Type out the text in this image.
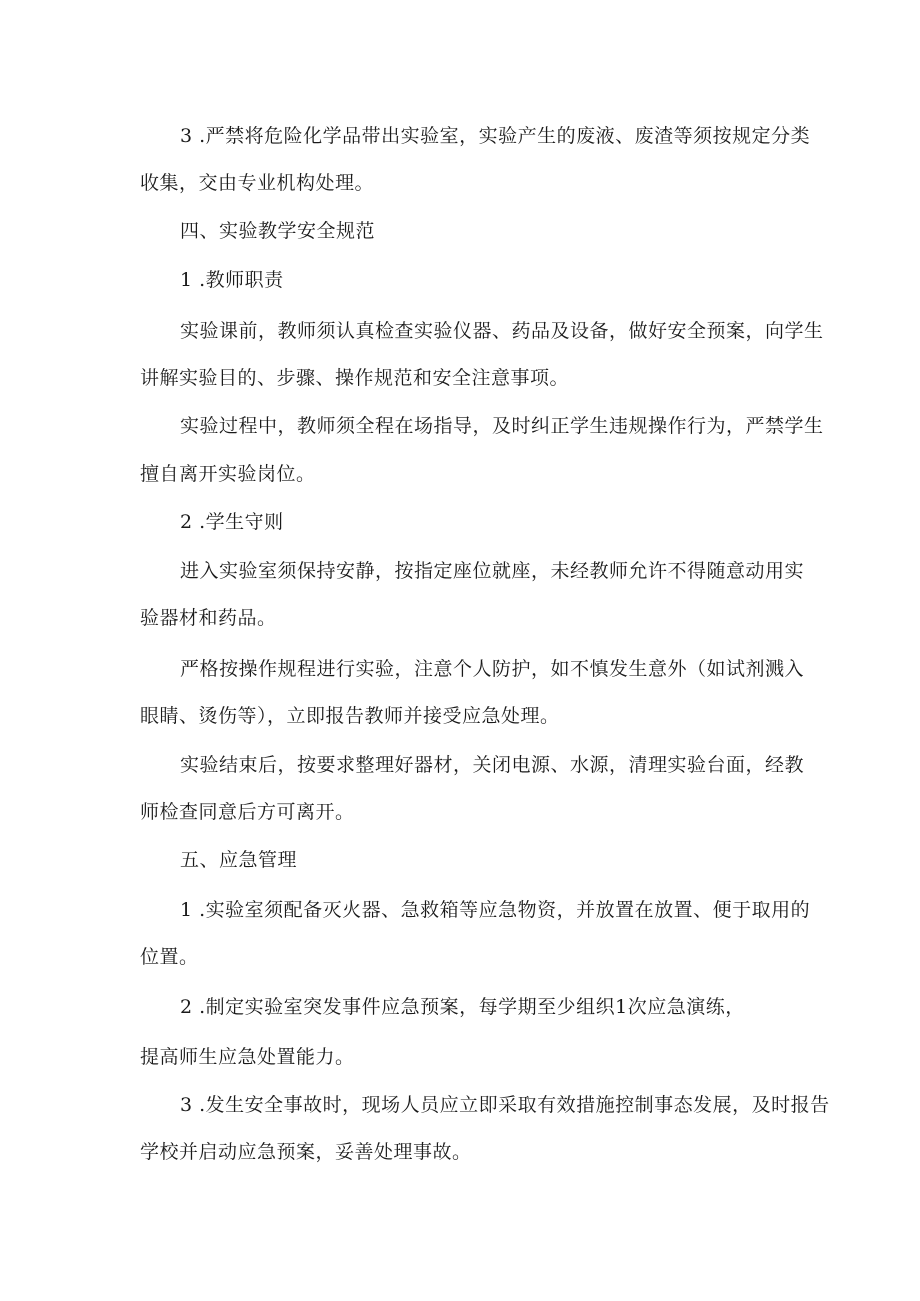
3 .严禁将危险化学品带出实验室，实验产生的废液、废渣等须按规定分类
收集，交由专业机构处理。
四、实验教学安全规范
1 .教师职责
实验课前，教师须认真检查实验仪器、药品及设备，做好安全预案，向学生
讲解实验目的、步骤、操作规范和安全注意事项。
实验过程中，教师须全程在场指导，及时纠正学生违规操作行为，严禁学生
擅自离开实验岗位。
2 .学生守则
进入实验室须保持安静，按指定座位就座，未经教师允许不得随意动用实
验器材和药品。
严格按操作规程进行实验，注意个人防护，如不慎发生意外（如试剂溅入
眼睛、烫伤等），立即报告教师并接受应急处理。
实验结束后，按要求整理好器材，关闭电源、水源，清理实验台面，经教
师检查同意后方可离开。
五、应急管理
1 .实验室须配备灭火器、急救箱等应急物资，并放置在放置、便于取用的
位置。
2 .制定实验室突发事件应急预案，每学期至少组织1次应急演练，
提高师生应急处置能力。
3 .发生安全事故时，现场人员应立即采取有效措施控制事态发展，及时报告
学校并启动应急预案，妥善处理事故。
